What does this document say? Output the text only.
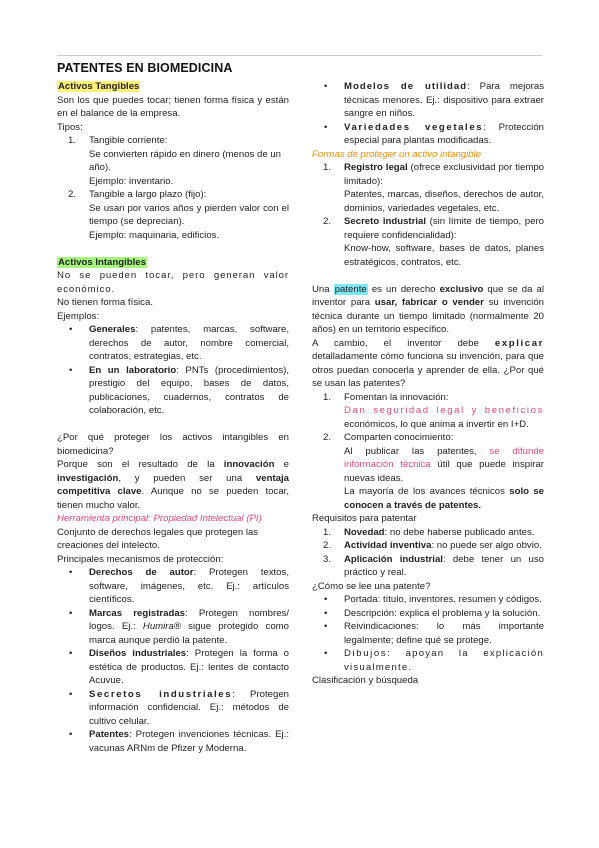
PATENTES EN BIOMEDICINA

Activos Tangibles

Son los que puedes tocar; tienen forma física y están en el balance de la empresa.

Tipos:

1. Tangible corriente:

Se convierten rápido en dinero (menos de un año).

Ejemplo: inventario.

2. Tangible a largo plazo (fijo):

Se usan por varios años y pierden valor con el tiempo (se deprecian).

Ejemplo: maquinaria, edificios.

Activos Intangibles

No se pueden tocar, pero generan valor económico.

No tienen forma física.

Ejemplos:

• Generales: patentes, marcas, software, derechos de autor, nombre comercial, contratos, estrategias, etc.
• En un laboratorio: PNTs (procedimientos), prestigio del equipo, bases de datos, publicaciones, cuadernos, contratos de colaboración, etc.

¿Por qué proteger los activos intangibles en biomedicina?

Porque son el resultado de la innovación e investigación, y pueden ser una ventaja competitiva clave. Aunque no se pueden tocar, tienen mucho valor.

Herramienta principal: Propiedad Intelectual (PI)

Conjunto de derechos legales que protegen las creaciones del intelecto.

Principales mecanismos de protección:

• Derechos de autor: Protegen textos, software, imágenes, etc. Ej.: artículos científicos.
• Marcas registradas: Protegen nombres/ logos. Ej.: Humira® sigue protegido como marca aunque perdió la patente.
• Diseños industriales: Protegen la forma o estética de productos. Ej.: lentes de contacto Acuvue.
• Secretos industriales: Protegen información confidencial. Ej.: métodos de cultivo celular.
• Patentes: Protegen invenciones técnicas. Ej.: vacunas ARNm de Pfizer y Moderna.
• Modelos de utilidad: Para mejoras técnicas menores. Ej.: dispositivo para extraer sangre en niños.
• Variedades vegetales: Protección especial para plantas modificadas.

Formas de proteger un activo intangible

1. Registro legal (ofrece exclusividad por tiempo limitado):

Patentes, marcas, diseños, derechos de autor, dominios, variedades vegetales, etc.

2. Secreto industrial (sin límite de tiempo, pero requiere confidencialidad):

Know-how, software, bases de datos, planes estratégicos, contratos, etc.

Una patente es un derecho exclusivo que se da al inventor para usar, fabricar o vender su invención técnica durante un tiempo limitado (normalmente 20 años) en un territorio específico.

A cambio, el inventor debe explicar detalladamente cómo funciona su invención, para que otros puedan conocerla y aprender de ella. ¿Por qué se usan las patentes?

1. Fomentan la innovación:

Dan seguridad legal y beneficios económicos, lo que anima a invertir en I+D.

2. Comparten conocimiento:

Al publicar las patentes, se difunde información técnica útil que puede inspirar nuevas ideas.

La mayoría de los avances técnicos solo se conocen a través de patentes.

Requisitos para patentar

1. Novedad: no debe haberse publicado antes.
2. Actividad inventiva: no puede ser algo obvio.
3. Aplicación industrial: debe tener un uso práctico y real.

¿Cómo se lee una patente?

• Portada: título, inventores, resumen y códigos.
• Descripción: explica el problema y la solución.
• Reivindicaciones: lo más importante legalmente; define qué se protege.
• Dibujos: apoyan la explicación visualmente.

Clasificación y búsqueda
